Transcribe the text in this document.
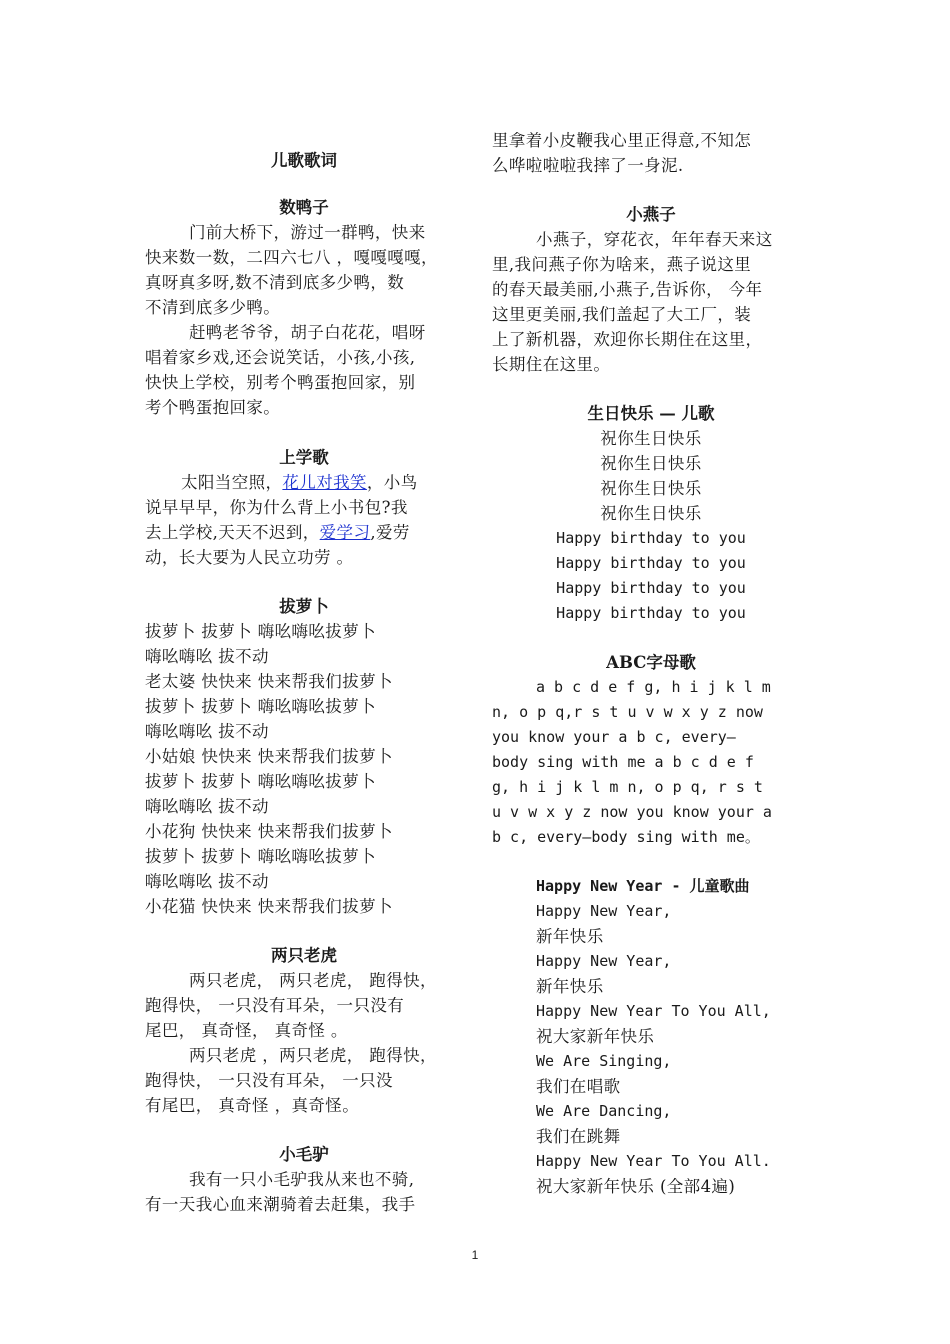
儿歌歌词
数鸭子
门前大桥下，游过一群鸭，快来
快来数一数，二四六七八 ，嘎嘎嘎嘎，
真呀真多呀,数不清到底多少鸭，数
不清到底多少鸭。
赶鸭老爷爷，胡子白花花，唱呀
唱着家乡戏,还会说笑话，小孩,小孩,
快快上学校，别考个鸭蛋抱回家，别
考个鸭蛋抱回家。
上学歌
太阳当空照，花儿对我笑，小鸟
说早早早，你为什么背上小书包?我
去上学校,天天不迟到，爱学习,爱劳
动，长大要为人民立功劳 。
拔萝卜
拔萝卜 拔萝卜 嗨吆嗨吆拔萝卜
嗨吆嗨吆 拔不动
老太婆 快快来 快来帮我们拔萝卜
拔萝卜 拔萝卜 嗨吆嗨吆拔萝卜
嗨吆嗨吆 拔不动
小姑娘 快快来 快来帮我们拔萝卜
拔萝卜 拔萝卜 嗨吆嗨吆拔萝卜
嗨吆嗨吆 拔不动
小花狗 快快来 快来帮我们拔萝卜
拔萝卜 拔萝卜 嗨吆嗨吆拔萝卜
嗨吆嗨吆 拔不动
小花猫 快快来 快来帮我们拔萝卜
两只老虎
两只老虎， 两只老虎， 跑得快，
跑得快， 一只没有耳朵，一只没有
尾巴， 真奇怪， 真奇怪 。
两只老虎 ，两只老虎， 跑得快，
跑得快， 一只没有耳朵， 一只没
有尾巴， 真奇怪 ，真奇怪。
小毛驴
我有一只小毛驴我从来也不骑,
有一天我心血来潮骑着去赶集，我手
里拿着小皮鞭我心里正得意,不知怎
么哗啦啦啦我摔了一身泥.
小燕子
小燕子，穿花衣，年年春天来这
里,我问燕子你为啥来，燕子说这里
的春天最美丽,小燕子,告诉你， 今年
这里更美丽,我们盖起了大工厂，装
上了新机器，欢迎你长期住在这里，
长期住在这里。
生日快乐 — 儿歌
祝你生日快乐
祝你生日快乐
祝你生日快乐
祝你生日快乐
Happy birthday to you
Happy birthday to you
Happy birthday to you
Happy birthday to you
ABC字母歌
a b c d e f g, h i j k l m
n, o p q,r s t u v w x y z now
you know your a b c, every—
body sing with me a b c d e f
g, h i j k l m n, o p q, r s t
u v w x y z now you know your a
b c, every—body sing with me。
Happy New Year - 儿童歌曲
Happy New Year,
新年快乐
Happy New Year,
新年快乐
Happy New Year To You All,
祝大家新年快乐
We Are Singing,
我们在唱歌
We Are Dancing,
我们在跳舞
Happy New Year To You All.
祝大家新年快乐 (全部4遍)
1
